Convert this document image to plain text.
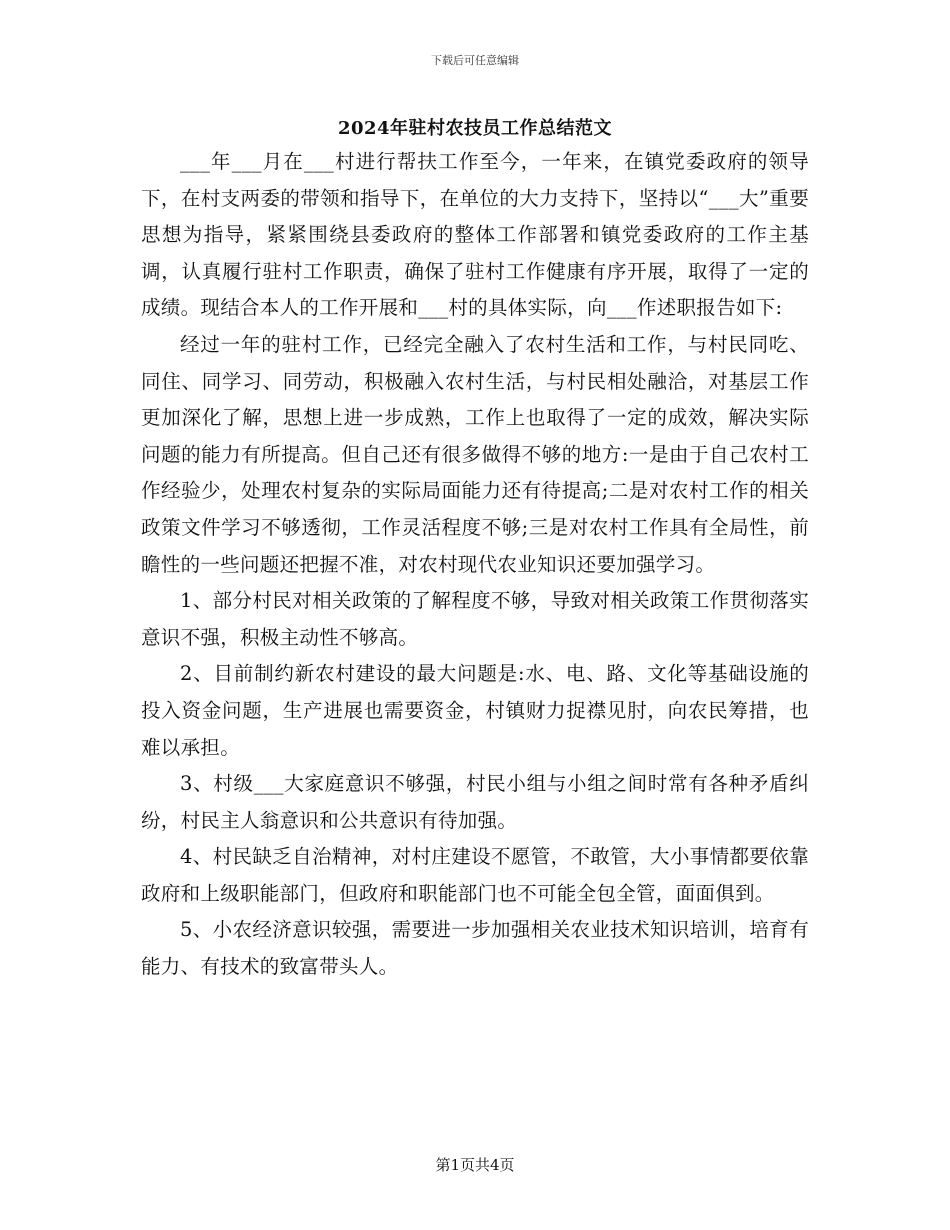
下载后可任意编辑
2024年驻村农技员工作总结范文

___年___月在___村进行帮扶工作至今，一年来，在镇党委政府的领导下，在村支两委的带领和指导下，在单位的大力支持下，坚持以“___大”重要思想为指导，紧紧围绕县委政府的整体工作部署和镇党委政府的工作主基调，认真履行驻村工作职责，确保了驻村工作健康有序开展，取得了一定的成绩。现结合本人的工作开展和___村的具体实际，向___作述职报告如下:

经过一年的驻村工作，已经完全融入了农村生活和工作，与村民同吃、同住、同学习、同劳动，积极融入农村生活，与村民相处融洽，对基层工作更加深化了解，思想上进一步成熟，工作上也取得了一定的成效，解决实际问题的能力有所提高。但自己还有很多做得不够的地方:一是由于自己农村工作经验少，处理农村复杂的实际局面能力还有待提高;二是对农村工作的相关政策文件学习不够透彻，工作灵活程度不够;三是对农村工作具有全局性，前瞻性的一些问题还把握不准，对农村现代农业知识还要加强学习。

1、部分村民对相关政策的了解程度不够，导致对相关政策工作贯彻落实意识不强，积极主动性不够高。

2、目前制约新农村建设的最大问题是:水、电、路、文化等基础设施的投入资金问题，生产进展也需要资金，村镇财力捉襟见肘，向农民筹措，也难以承担。

3、村级___大家庭意识不够强，村民小组与小组之间时常有各种矛盾纠纷，村民主人翁意识和公共意识有待加强。

4、村民缺乏自治精神，对村庄建设不愿管，不敢管，大小事情都要依靠政府和上级职能部门，但政府和职能部门也不可能全包全管，面面俱到。

5、小农经济意识较强，需要进一步加强相关农业技术知识培训，培育有能力、有技术的致富带头人。

第1页共4页
